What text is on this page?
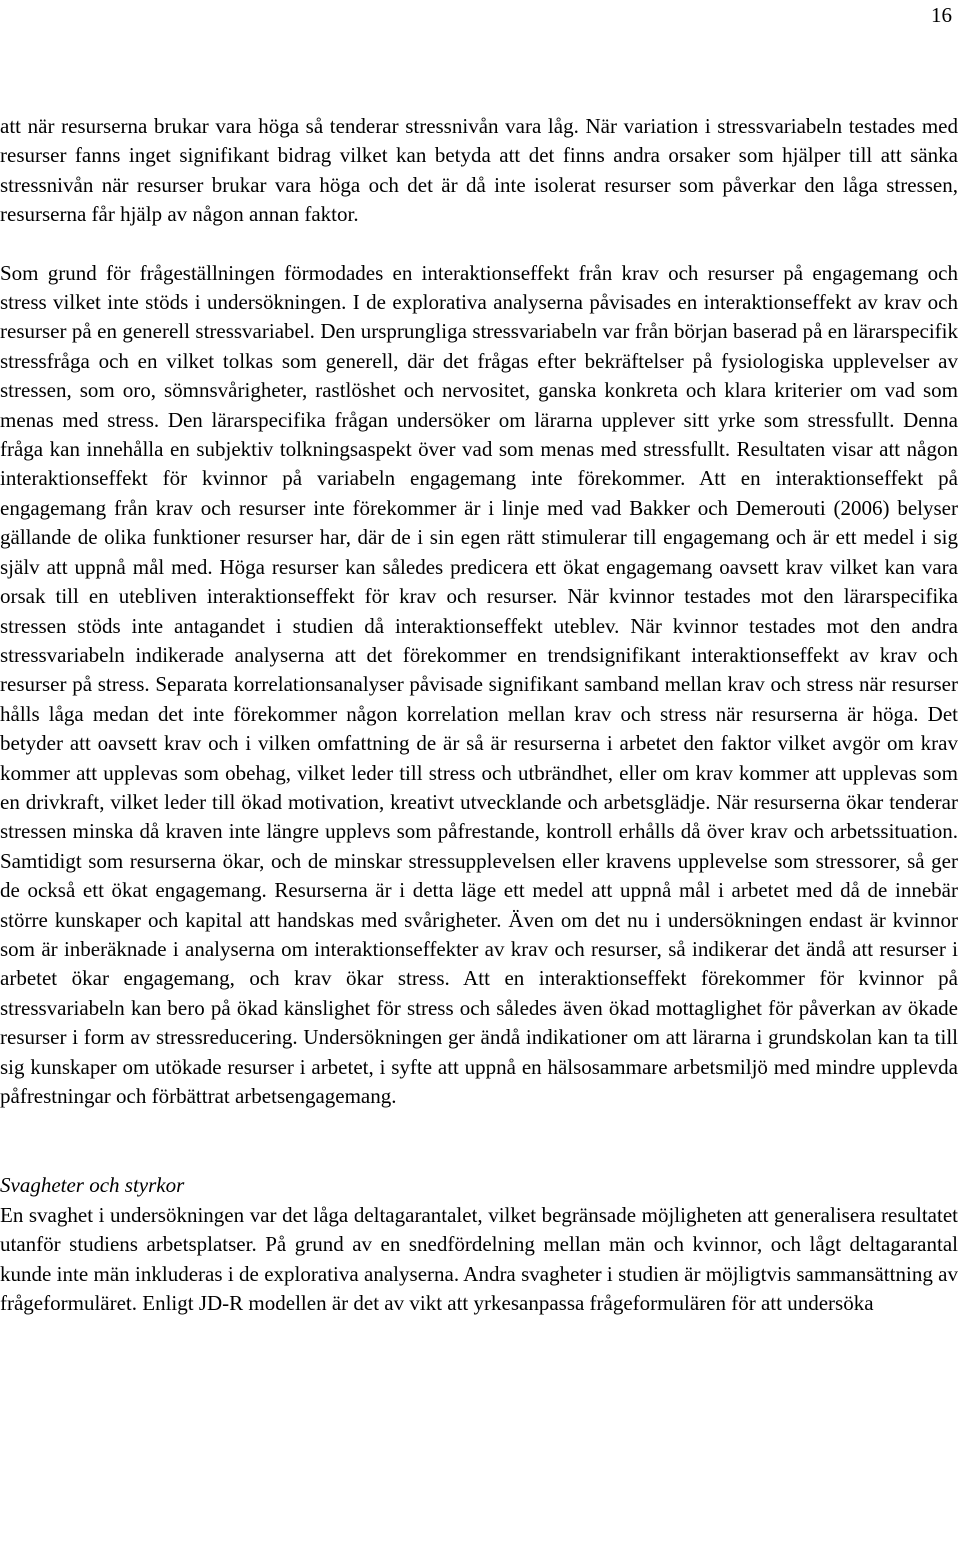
16

att när resurserna brukar vara höga så tenderar stressnivån vara låg. När variation i stressvariabeln testades med resurser fanns inget signifikant bidrag vilket kan betyda att det finns andra orsaker som hjälper till att sänka stressnivån när resurser brukar vara höga och det är då inte isolerat resurser som påverkar den låga stressen, resurserna får hjälp av någon annan faktor.

Som grund för frågeställningen förmodades en interaktionseffekt från krav och resurser på engagemang och stress vilket inte stöds i undersökningen. I de explorativa analyserna påvisades en interaktionseffekt av krav och resurser på en generell stressvariabel. Den ursprungliga stressvariabeln var från början baserad på en lärarspecifik stressfråga och en vilket tolkas som generell, där det frågas efter bekräftelser på fysiologiska upplevelser av stressen, som oro, sömnsvårigheter, rastlöshet och nervositet, ganska konkreta och klara kriterier om vad som menas med stress. Den lärarspecifika frågan undersöker om lärarna upplever sitt yrke som stressfullt. Denna fråga kan innehålla en subjektiv tolkningsaspekt över vad som menas med stressfullt. Resultaten visar att någon interaktionseffekt för kvinnor på variabeln engagemang inte förekommer. Att en interaktionseffekt på engagemang från krav och resurser inte förekommer är i linje med vad Bakker och Demerouti (2006) belyser gällande de olika funktioner resurser har, där de i sin egen rätt stimulerar till engagemang och är ett medel i sig själv att uppnå mål med. Höga resurser kan således predicera ett ökat engagemang oavsett krav vilket kan vara orsak till en utebliven interaktionseffekt för krav och resurser. När kvinnor testades mot den lärarspecifika stressen stöds inte antagandet i studien då interaktionseffekt uteblev. När kvinnor testades mot den andra stressvariabeln indikerade analyserna att det förekommer en trendsignifikant interaktionseffekt av krav och resurser på stress. Separata korrelationsanalyser påvisade signifikant samband mellan krav och stress när resurser hålls låga medan det inte förekommer någon korrelation mellan krav och stress när resurserna är höga. Det betyder att oavsett krav och i vilken omfattning de är så är resurserna i arbetet den faktor vilket avgör om krav kommer att upplevas som obehag, vilket leder till stress och utbrändhet, eller om krav kommer att upplevas som en drivkraft, vilket leder till ökad motivation, kreativt utvecklande och arbetsglädje. När resurserna ökar tenderar stressen minska då kraven inte längre upplevs som påfrestande, kontroll erhålls då över krav och arbetssituation. Samtidigt som resurserna ökar, och de minskar stressupplevelsen eller kravens upplevelse som stressorer, så ger de också ett ökat engagemang. Resurserna är i detta läge ett medel att uppnå mål i arbetet med då de innebär större kunskaper och kapital att handskas med svårigheter. Även om det nu i undersökningen endast är kvinnor som är inberäknade i analyserna om interaktionseffekter av krav och resurser, så indikerar det ändå att resurser i arbetet ökar engagemang, och krav ökar stress. Att en interaktionseffekt förekommer för kvinnor på stressvariabeln kan bero på ökad känslighet för stress och således även ökad mottaglighet för påverkan av ökade resurser i form av stressreducering. Undersökningen ger ändå indikationer om att lärarna i grundskolan kan ta till sig kunskaper om utökade resurser i arbetet, i syfte att uppnå en hälsosammare arbetsmiljö med mindre upplevda påfrestningar och förbättrat arbetsengagemang.

Svagheter och styrkor

En svaghet i undersökningen var det låga deltagarantalet, vilket begränsade möjligheten att generalisera resultatet utanför studiens arbetsplatser. På grund av en snedfördelning mellan män och kvinnor, och lågt deltagarantal kunde inte män inkluderas i de explorativa analyserna. Andra svagheter i studien är möjligtvis sammansättning av frågeformuläret. Enligt JD-R modellen är det av vikt att yrkesanpassa frågeformulären för att undersöka
